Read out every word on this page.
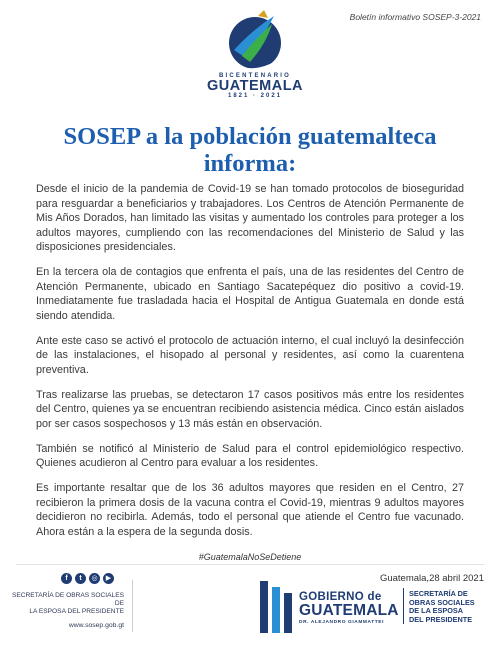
Boletín informativo SOSEP-3-2021
BICENTENARIO
GUATEMALA
1821 · 2021
SOSEP a la población guatemalteca informa:

Desde el inicio de la pandemia de Covid-19 se han tomado protocolos de bioseguridad para resguardar a beneficiarios y trabajadores. Los Centros de Atención Permanente de Mis Años Dorados, han limitado las visitas y aumentado los controles para proteger a los adultos mayores, cumpliendo con las recomendaciones del Ministerio de Salud y las disposiciones presidenciales.

En la tercera ola de contagios que enfrenta el país, una de las residentes del Centro de Atención Permanente, ubicado en Santiago Sacatepéquez dio positivo a covid-19. Inmediatamente fue trasladada hacia el Hospital de Antigua Guatemala en donde está siendo atendida.

Ante este caso se activó el protocolo de actuación interno, el cual incluyó la desinfección de las instalaciones, el hisopado al personal y residentes, así como la cuarentena preventiva.

Tras realizarse las pruebas, se detectaron 17 casos positivos más entre los residentes del Centro, quienes ya se encuentran recibiendo asistencia médica. Cinco están aislados por ser casos sospechosos y 13 más están en observación.

También se notificó al Ministerio de Salud para el control epidemiológico respectivo. Quienes acudieron al Centro para evaluar a los residentes.

Es importante resaltar que de los 36 adultos mayores que residen en el Centro, 27 recibieron la primera dosis de la vacuna contra el Covid-19, mientras 9 adultos mayores decidieron no recibirla. Además, todo el personal que atiende el Centro fue vacunado. Ahora están a la espera de la segunda dosis.

#GuatemalaNoSeDetiene
f	t	◎	▶
SECRETARÍA DE OBRAS SOCIALES DE
LA ESPOSA DEL PRESIDENTE
www.sosep.gob.gt
Guatemala,28 abril 2021
GOBIERNO de
GUATEMALA
DR. ALEJANDRO GIAMMATTEI
SECRETARÍA DE
OBRAS SOCIALES
DE LA ESPOSA
DEL PRESIDENTE
